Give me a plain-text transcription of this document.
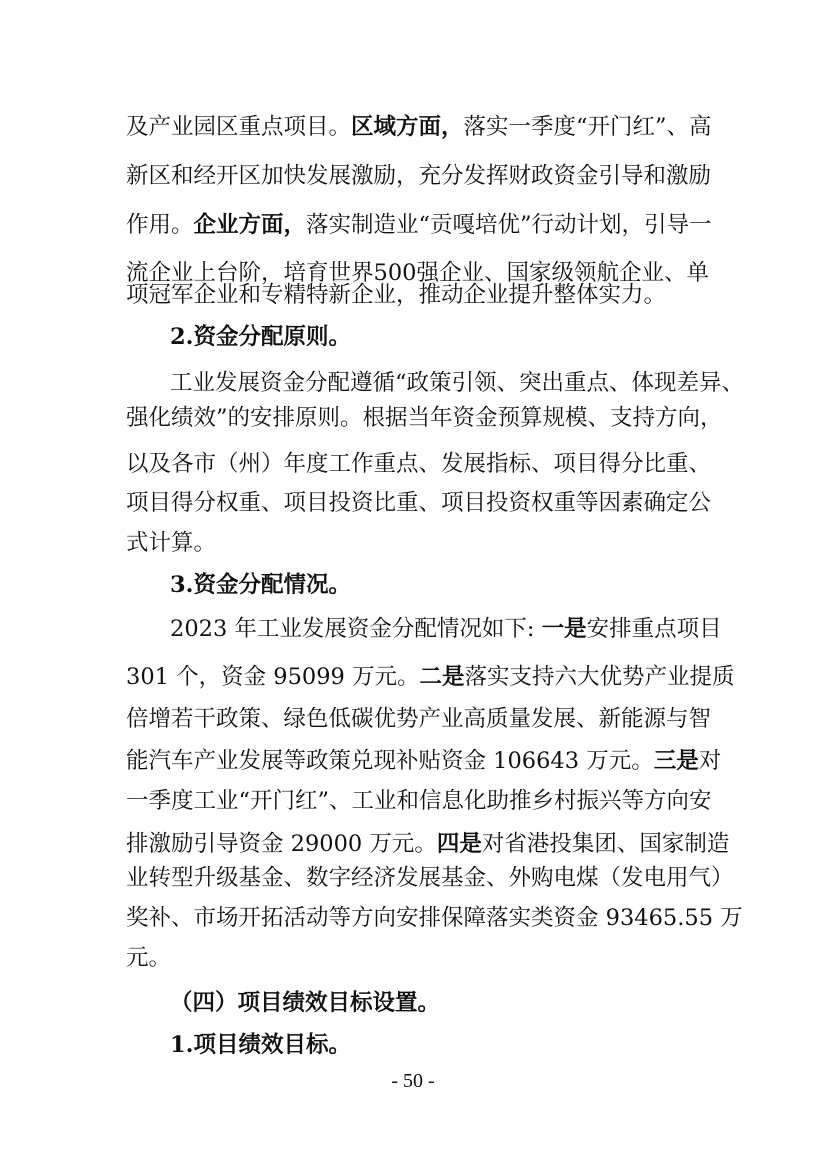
及产业园区重点项目。区域方面，落实一季度“开门红”、高
新区和经开区加快发展激励，充分发挥财政资金引导和激励
作用。企业方面，落实制造业“贡嘎培优”行动计划，引导一
流企业上台阶，培育世界500强企业、国家级领航企业、单
项冠军企业和专精特新企业，推动企业提升整体实力。
2.资金分配原则。
工业发展资金分配遵循“政策引领、突出重点、体现差异、
强化绩效”的安排原则。根据当年资金预算规模、支持方向，
以及各市（州）年度工作重点、发展指标、项目得分比重、
项目得分权重、项目投资比重、项目投资权重等因素确定公
式计算。
3.资金分配情况。
2023 年工业发展资金分配情况如下: 一是安排重点项目
301 个，资金 95099 万元。二是落实支持六大优势产业提质
倍增若干政策、绿色低碳优势产业高质量发展、新能源与智
能汽车产业发展等政策兑现补贴资金 106643 万元。三是对
一季度工业“开门红”、工业和信息化助推乡村振兴等方向安
排激励引导资金 29000 万元。四是对省港投集团、国家制造
业转型升级基金、数字经济发展基金、外购电煤（发电用气）
奖补、市场开拓活动等方向安排保障落实类资金 93465.55 万
元。
（四）项目绩效目标设置。
1.项目绩效目标。
- 50 -
